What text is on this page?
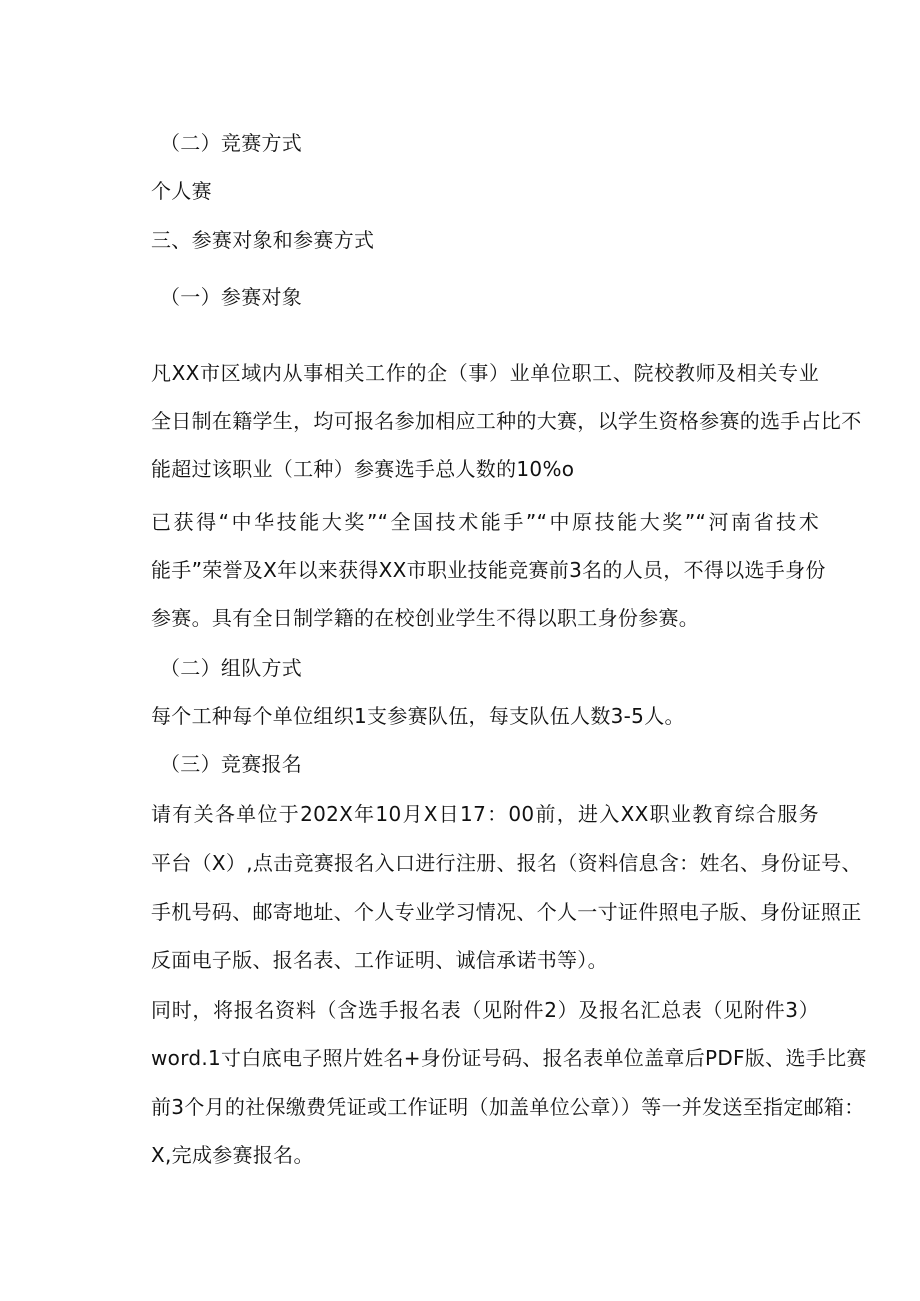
（二）竞赛方式

个人赛

三、参赛对象和参赛方式

（一）参赛对象

凡XX市区域内从事相关工作的企（事）业单位职工、院校教师及相关专业

全日制在籍学生，均可报名参加相应工种的大赛，以学生资格参赛的选手占比不

能超过该职业（工种）参赛选手总人数的10%o

已获得“中华技能大奖”“全国技术能手”“中原技能大奖”“河南省技术

能手”荣誉及X年以来获得XX市职业技能竞赛前3名的人员，不得以选手身份

参赛。具有全日制学籍的在校创业学生不得以职工身份参赛。

（二）组队方式

每个工种每个单位组织1支参赛队伍，每支队伍人数3-5人。

（三）竞赛报名

请有关各单位于202X年10月X日17：00前，进入XX职业教育综合服务

平台（X）,点击竞赛报名入口进行注册、报名（资料信息含：姓名、身份证号、

手机号码、邮寄地址、个人专业学习情况、个人一寸证件照电子版、身份证照正

反面电子版、报名表、工作证明、诚信承诺书等）。

同时，将报名资料（含选手报名表（见附件2）及报名汇总表（见附件3）

word.1寸白底电子照片姓名+身份证号码、报名表单位盖章后PDF版、选手比赛

前3个月的社保缴费凭证或工作证明（加盖单位公章））等一并发送至指定邮箱：

X,完成参赛报名。
